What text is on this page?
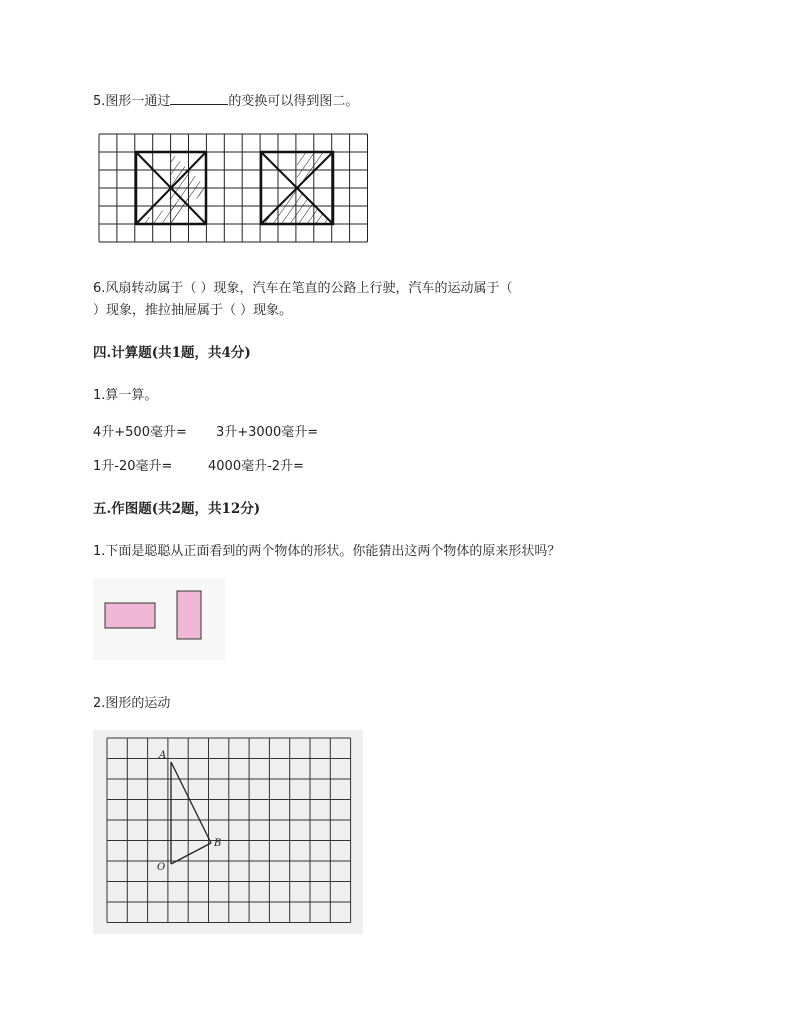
5.图形一通过	的变换可以得到图二。
6.风扇转动属于（ ）现象，汽车在笔直的公路上行驶，汽车的运动属于（
）现象，推拉抽屉属于（ ）现象。
四.计算题(共1题，共4分)
1.算一算。
4升+500毫升= 3升+3000毫升=
1升-20毫升=	4000毫升-2升=
五.作图题(共2题，共12分)
1.下面是聪聪从正面看到的两个物体的形状。你能猜出这两个物体的原来形状吗？
2.图形的运动
A
B
O
